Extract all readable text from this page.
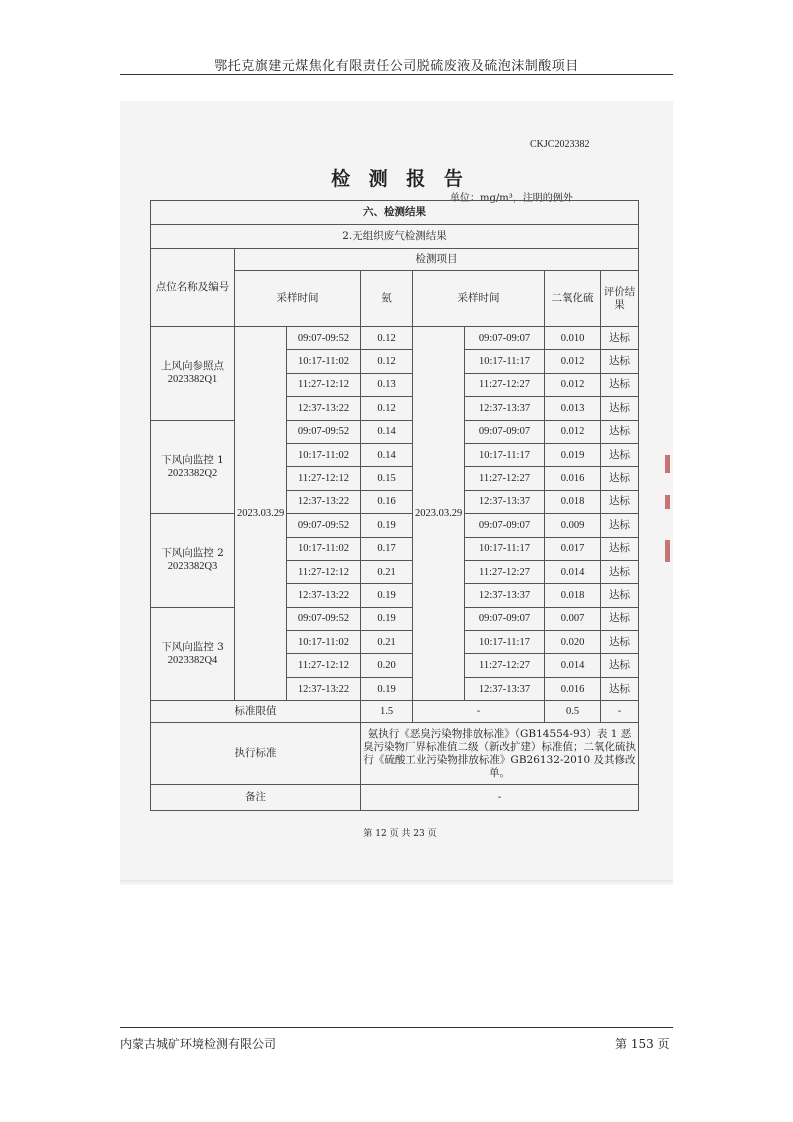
鄂托克旗建元煤焦化有限责任公司脱硫废液及硫泡沫制酸项目
CKJC2023382
检 测 报 告
单位：mg/m³，注明的例外
六、检测结果							
2.无组织废气检测结果							
点位名称及编号	检测项目						
	采样时间		氨	采样时间		二氧化硫	评价结果

上风向参照点
2023382Q1	2023.03.29	09:07-09:52	0.12	2023.03.29	09:07-09:07	0.010	达标
		10:17-11:02	0.12		10:17-11:17	0.012	达标
		11:27-12:12	0.13		11:27-12:27	0.012	达标
		12:37-13:22	0.12		12:37-13:37	0.013	达标

下风向监控 1
2023382Q2		09:07-09:52	0.14		09:07-09:07	0.012	达标
		10:17-11:02	0.14		10:17-11:17	0.019	达标
		11:27-12:12	0.15		11:27-12:27	0.016	达标
		12:37-13:22	0.16		12:37-13:37	0.018	达标

下风向监控 2
2023382Q3		09:07-09:52	0.19		09:07-09:07	0.009	达标
		10:17-11:02	0.17		10:17-11:17	0.017	达标
		11:27-12:12	0.21		11:27-12:27	0.014	达标
		12:37-13:22	0.19		12:37-13:37	0.018	达标

下风向监控 3
2023382Q4		09:07-09:52	0.19		09:07-09:07	0.007	达标
		10:17-11:02	0.21		10:17-11:17	0.020	达标
		11:27-12:12	0.20		11:27-12:27	0.014	达标
		12:37-13:22	0.19		12:37-13:37	0.016	达标
标准限值			1.5	-		0.5	-
执行标准			氨执行《恶臭污染物排放标准》（GB14554-93）表 1 恶臭污染物厂界标准值二级（新改扩建）标准值；二氧化硫执行《硫酸工业污染物排放标准》GB26132-2010 及其修改单。				
备注			-				
第 12 页 共 23 页
内蒙古城矿环境检测有限公司	第 153 页
